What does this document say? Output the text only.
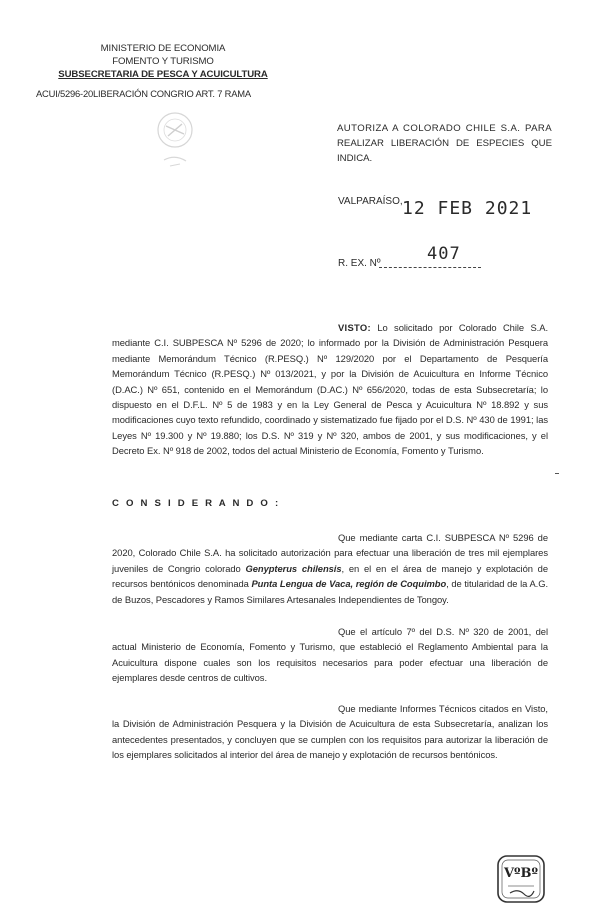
MINISTERIO DE ECONOMIA
FOMENTO Y TURISMO
SUBSECRETARIA DE PESCA Y ACUICULTURA
ACUI/5296-20LIBERACIÓN CONGRIO ART. 7 RAMA
AUTORIZA A COLORADO CHILE S.A. PARA
REALIZAR LIBERACIÓN DE ESPECIES QUE INDICA.
VALPARAÍSO, 12 FEB 2021
R. EX. Nº	407
VISTO: Lo solicitado por Colorado Chile S.A. mediante C.I. SUBPESCA Nº 5296 de 2020; lo informado por la División de Administración Pesquera mediante Memorándum Técnico (R.PESQ.) Nº 129/2020 por el Departamento de Pesquería Memorándum Técnico (R.PESQ.) Nº 013/2021, y por la División de Acuicultura en Informe Técnico (D.AC.) Nº 651, contenido en el Memorándum (D.AC.) Nº 656/2020, todas de esta Subsecretaría; lo dispuesto en el D.F.L. Nº 5 de 1983 y en la Ley General de Pesca y Acuicultura Nº 18.892 y sus modificaciones cuyo texto refundido, coordinado y sistematizado fue fijado por el D.S. Nº 430 de 1991; las Leyes Nº 19.300 y Nº 19.880; los D.S. Nº 319 y Nº 320, ambos de 2001, y sus modificaciones, y el Decreto Ex. Nº 918 de 2002, todos del actual Ministerio de Economía, Fomento y Turismo.
C O N S I D E R A N D O :
Que mediante carta C.I. SUBPESCA Nº 5296 de 2020, Colorado Chile S.A. ha solicitado autorización para efectuar una liberación de tres mil ejemplares juveniles de Congrio colorado Genypterus chilensis, en el en el área de manejo y explotación de recursos bentónicos denominada Punta Lengua de Vaca, región de Coquimbo, de titularidad de la A.G. de Buzos, Pescadores y Ramos Similares Artesanales Independientes de Tongoy.
Que el artículo 7º del D.S. Nº 320 de 2001, del actual Ministerio de Economía, Fomento y Turismo, que estableció el Reglamento Ambiental para la Acuicultura dispone cuales son los requisitos necesarios para poder efectuar una liberación de ejemplares desde centros de cultivos.
Que mediante Informes Técnicos citados en Visto, la División de Administración Pesquera y la División de Acuicultura de esta Subsecretaría, analizan los antecedentes presentados, y concluyen que se cumplen con los requisitos para autorizar la liberación de los ejemplares solicitados al interior del área de manejo y explotación de recursos bentónicos.
VºBº
